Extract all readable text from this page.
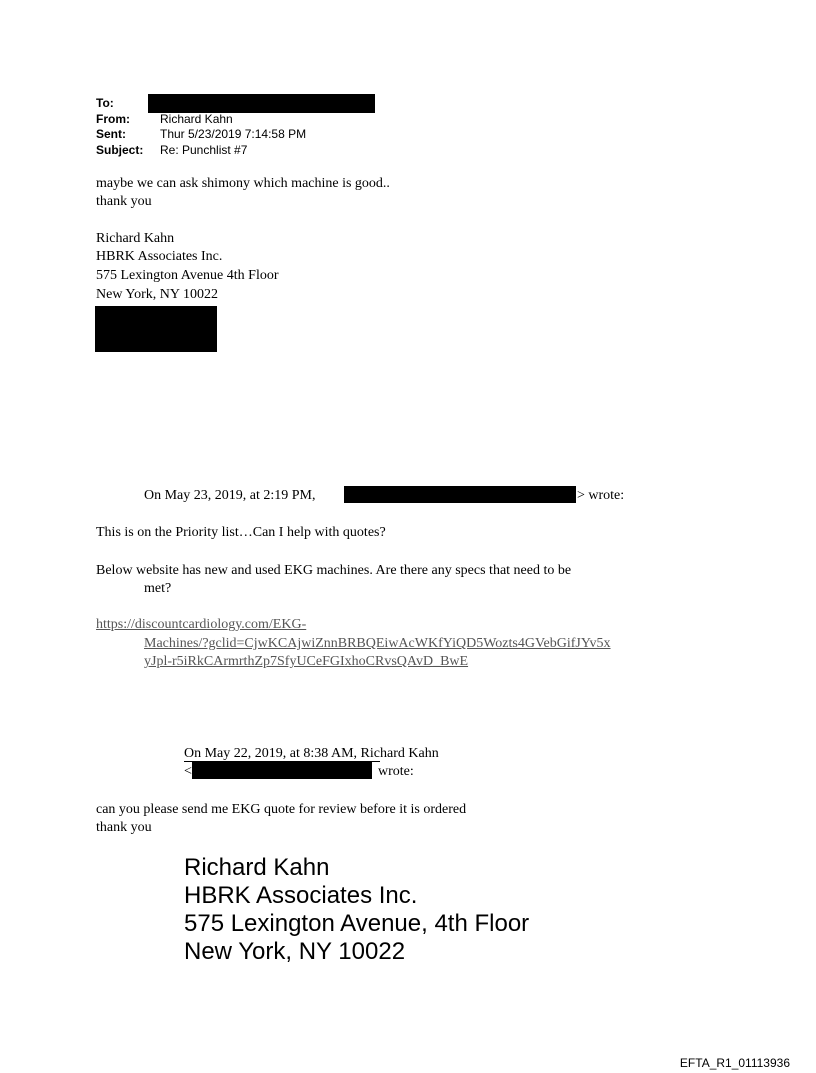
To:
From:	Richard Kahn
Sent:	Thur 5/23/2019 7:14:58 PM
Subject: Re: Punchlist #7
maybe we can ask shimony which machine is good..
thank you
Richard Kahn
HBRK Associates Inc.
575 Lexington Avenue 4th Floor
New York, NY 10022
On May 23, 2019, at 2:19 PM,	> wrote:
This is on the Priority list…Can I help with quotes?
Below website has new and used EKG machines. Are there any specs that need to be
met?
https://discountcardiology.com/EKG-
Machines/?gclid=CjwKCAjwiZnnBRBQEiwAcWKfYiQD5Wozts4GVebGifJYv5x
yJpl-r5iRkCArmrthZp7SfyUCeFGIxhoCRvsQAvD_BwE
On May 22, 2019, at 8:38 AM, Richard Kahn
<	wrote:
can you please send me EKG quote for review before it is ordered
thank you
Richard Kahn
HBRK Associates Inc.
575 Lexington Avenue, 4th Floor
New York, NY 10022
EFTA_R1_01113936
